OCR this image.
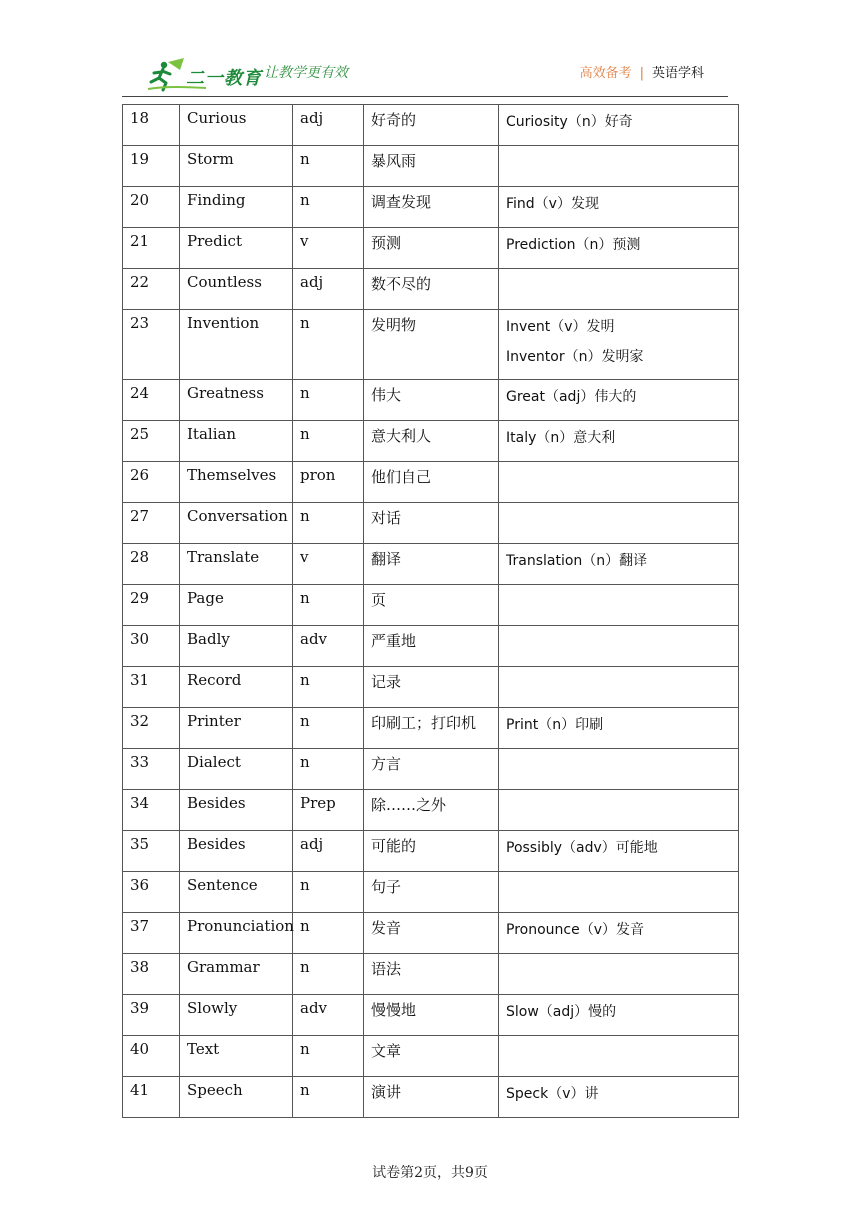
二一教育 让教学更有效	高效备考 | 英语学科
18	Curious	adj	好奇的	Curiosity（n）好奇

19	Storm	n	暴风雨	
20	Finding	n	调查发现	Find（v）发现

21	Predict	v	预测	Prediction（n）预测

22	Countless	adj	数不尽的	
23	Invention	n	发明物	Invent（v）发明
Inventor（n）发明家

24	Greatness	n	伟大	Great（adj）伟大的

25	Italian	n	意大利人	Italy（n）意大利

26	Themselves	pron	他们自己	
27	Conversation	n	对话	
28	Translate	v	翻译	Translation（n）翻译

29	Page	n	页	
30	Badly	adv	严重地	
31	Record	n	记录	
32	Printer	n	印刷工；打印机	Print（n）印刷

33	Dialect	n	方言	
34	Besides	Prep	除……之外	
35	Besides	adj	可能的	Possibly（adv）可能地

36	Sentence	n	句子	
37	Pronunciation	n	发音	Pronounce（v）发音

38	Grammar	n	语法	
39	Slowly	adv	慢慢地	Slow（adj）慢的

40	Text	n	文章	
41	Speech	n	演讲	Speck（v）讲
试卷第2页，共9页
